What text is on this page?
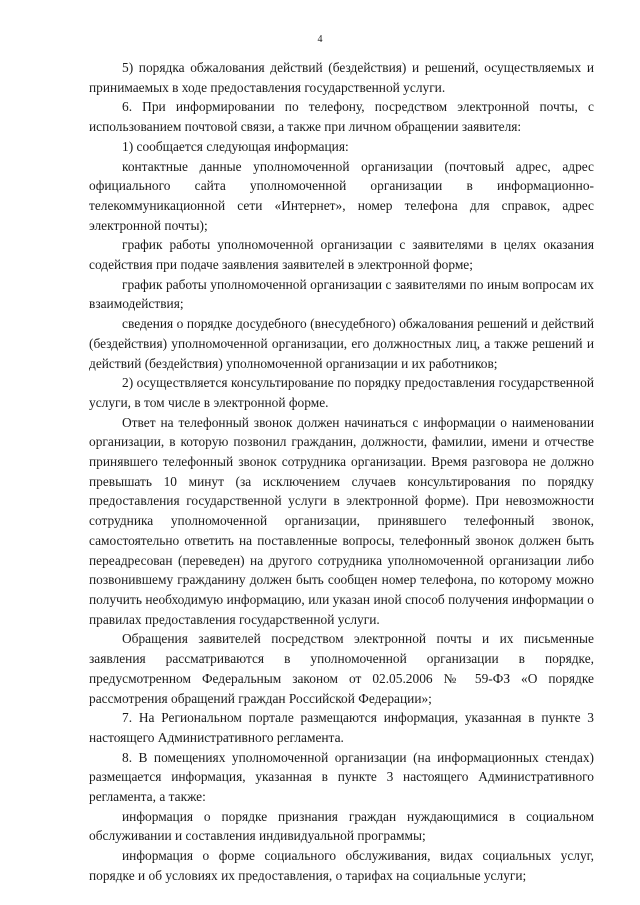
4

5) порядка обжалования действий (бездействия) и решений, осуществляемых и принимаемых в ходе предоставления государственной услуги.

6. При информировании по телефону, посредством электронной почты, с использованием почтовой связи, а также при личном обращении заявителя:

1) сообщается следующая информация:

контактные данные уполномоченной организации (почтовый адрес, адрес официального сайта уполномоченной организации в информационно-телекоммуникационной сети «Интернет», номер телефона для справок, адрес электронной почты);

график работы уполномоченной организации с заявителями в целях оказания содействия при подаче заявления заявителей в электронной форме;

график работы уполномоченной организации с заявителями по иным вопросам их взаимодействия;

сведения о порядке досудебного (внесудебного) обжалования решений и действий (бездействия) уполномоченной организации, его должностных лиц, а также решений и действий (бездействия) уполномоченной организации и их работников;

2) осуществляется консультирование по порядку предоставления государственной услуги, в том числе в электронной форме.

Ответ на телефонный звонок должен начинаться с информации о наименовании организации, в которую позвонил гражданин, должности, фамилии, имени и отчестве принявшего телефонный звонок сотрудника организации. Время разговора не должно превышать 10 минут (за исключением случаев консультирования по порядку предоставления государственной услуги в электронной форме). При невозможности сотрудника уполномоченной организации, принявшего телефонный звонок, самостоятельно ответить на поставленные вопросы, телефонный звонок должен быть переадресован (переведен) на другого сотрудника уполномоченной организации либо позвонившему гражданину должен быть сообщен номер телефона, по которому можно получить необходимую информацию, или указан иной способ получения информации о правилах предоставления государственной услуги.

Обращения заявителей посредством электронной почты и их письменные заявления рассматриваются в уполномоченной организации в порядке, предусмотренном Федеральным законом от 02.05.2006 № 59-ФЗ «О порядке рассмотрения обращений граждан Российской Федерации»;

7. На Региональном портале размещаются информация, указанная в пункте 3 настоящего Административного регламента.

8. В помещениях уполномоченной организации (на информационных стендах) размещается информация, указанная в пункте 3 настоящего Административного регламента, а также:

информация о порядке признания граждан нуждающимися в социальном обслуживании и составления индивидуальной программы;

информация о форме социального обслуживания, видах социальных услуг, порядке и об условиях их предоставления, о тарифах на социальные услуги;
